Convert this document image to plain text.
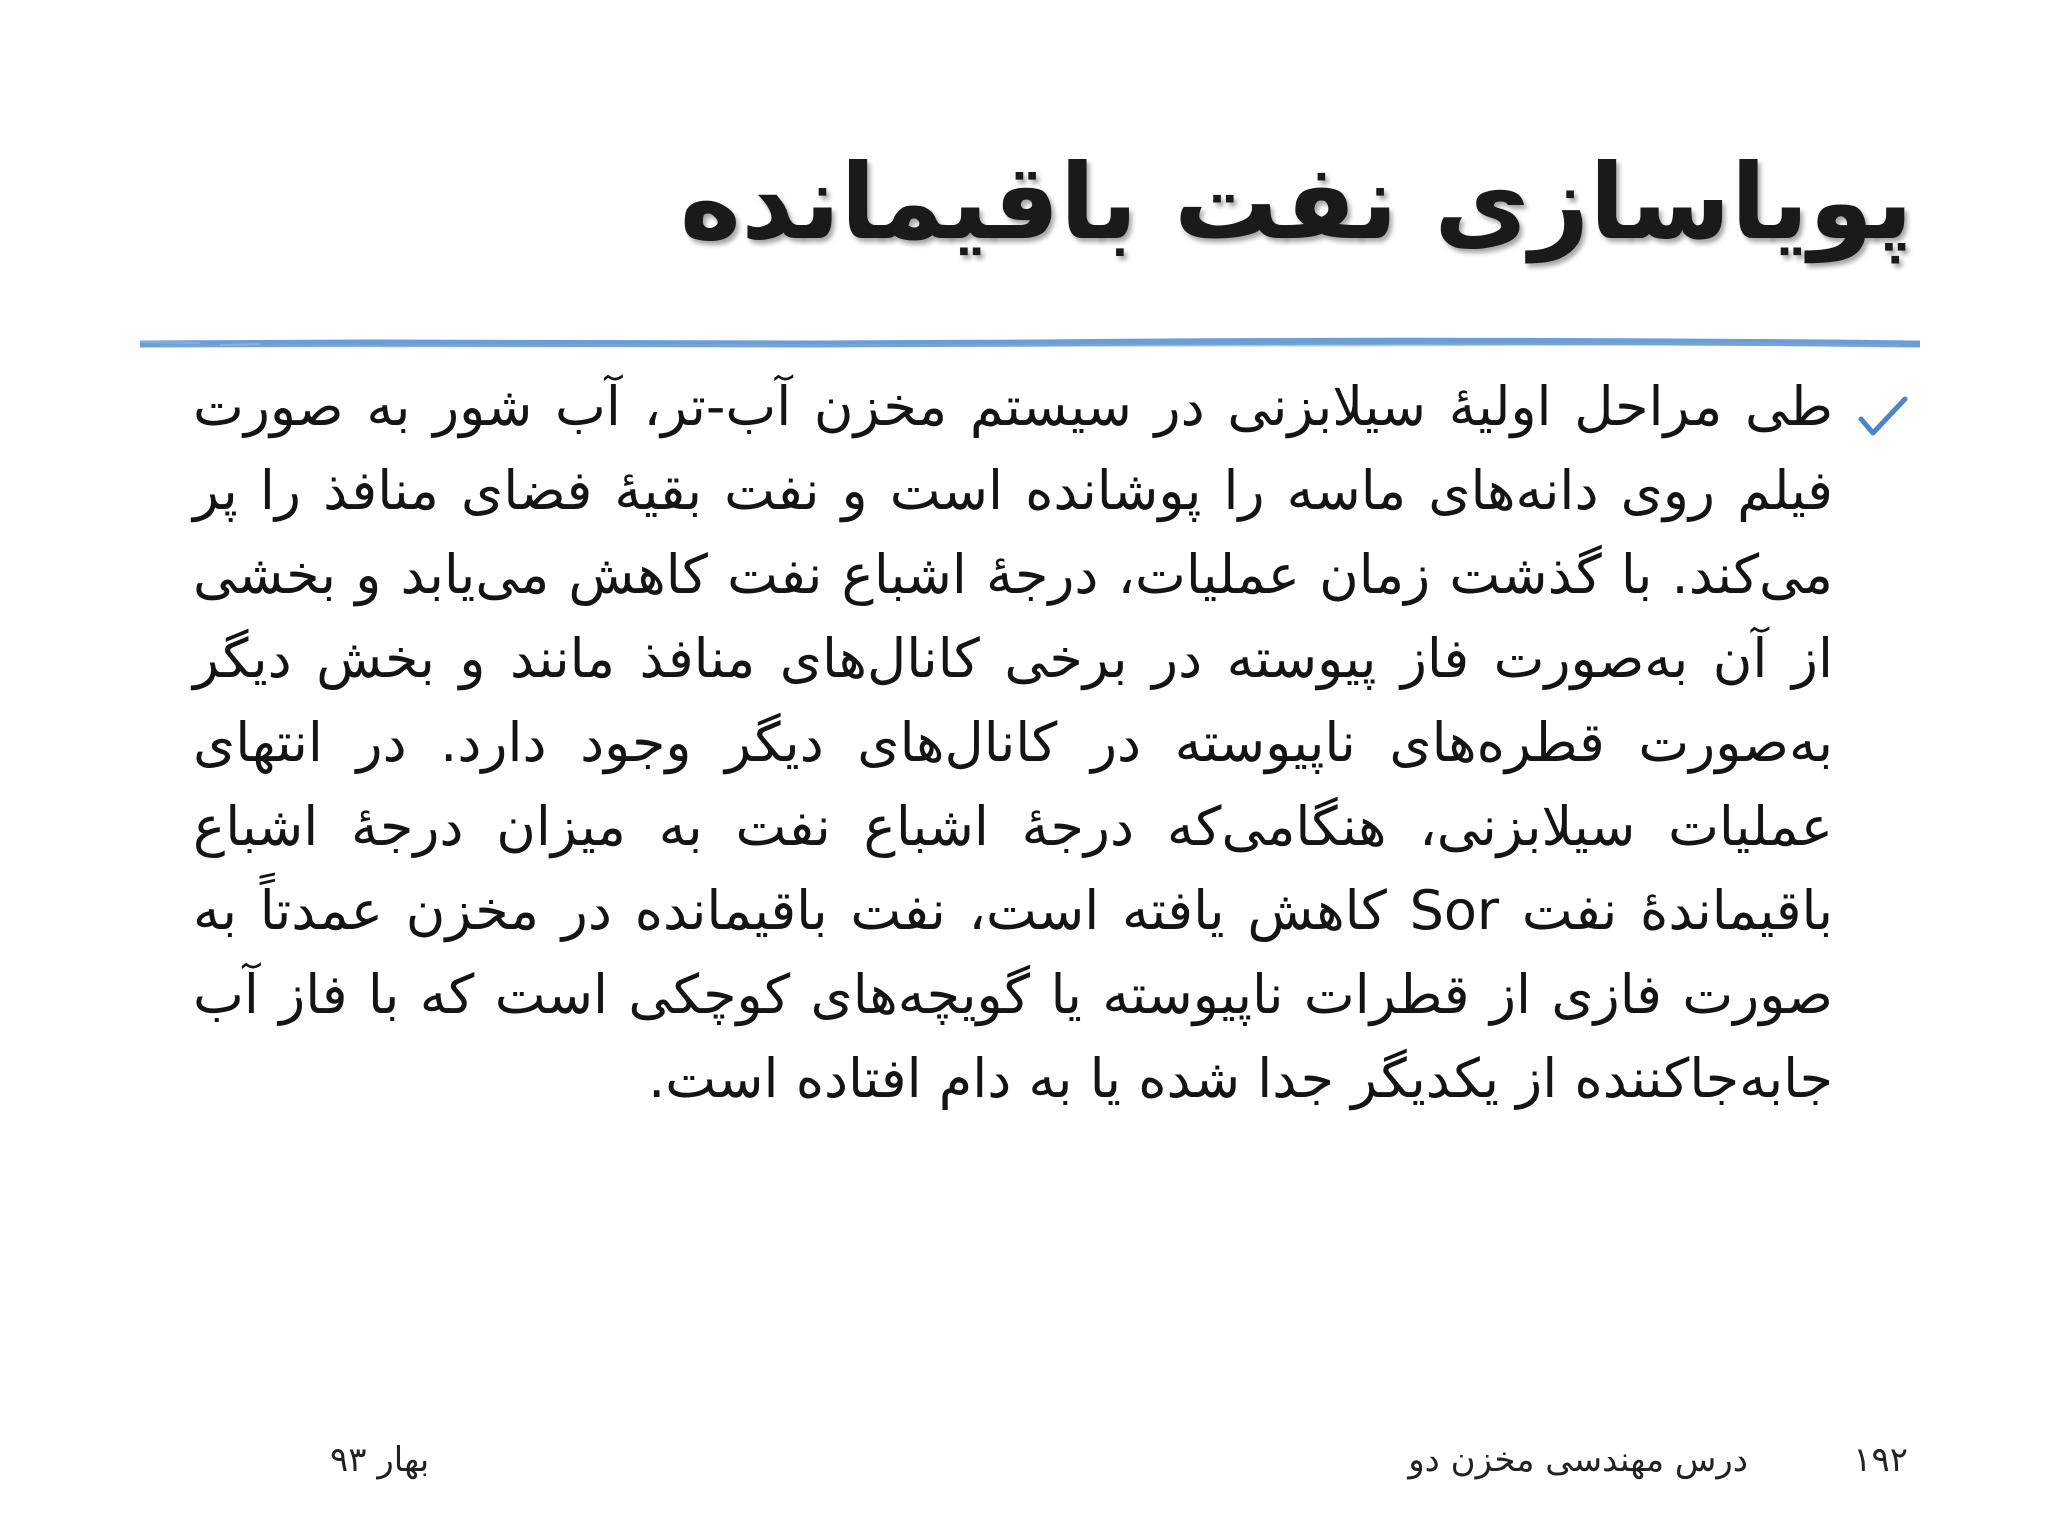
پویاسازی نفت باقیمانده
طی مراحل اولیهٔ سیلابزنی در سیستم مخزن آب-تر، آب شور به صورت فیلم روی دانه‌های ماسه را پوشانده است و نفت بقیهٔ فضای منافذ را پر می‌کند. با گذشت زمان عملیات، درجهٔ اشباع نفت کاهش می‌یابد و بخشی از آن به‌صورت فاز پیوسته در برخی کانال‌های منافذ مانند و بخش دیگر به‌صورت قطره‌های ناپیوسته در کانال‌های دیگر وجود دارد. در انتهای عملیات سیلابزنی، هنگامی‌که درجهٔ اشباع نفت به میزان درجهٔ اشباع باقیماندهٔ نفت Sor کاهش یافته است، نفت باقیمانده در مخزن عمدتاً به صورت فازی از قطرات ناپیوسته یا گویچه‌های کوچکی است که با فاز آب جابه‌جاکننده از یکدیگر جدا شده یا به دام افتاده است.
۱۹۲
درس مهندسی مخزن دو
بهار ۹۳
